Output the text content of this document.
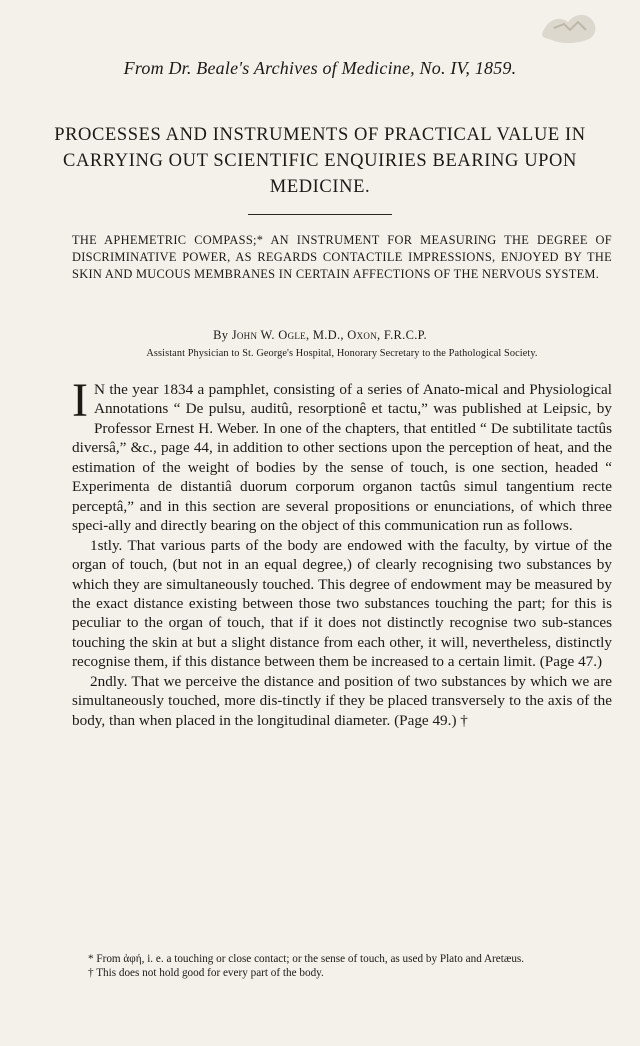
From Dr. Beale's Archives of Medicine, No. IV, 1859.
PROCESSES AND INSTRUMENTS OF PRACTICAL VALUE IN CARRYING OUT SCIENTIFIC ENQUIRIES BEARING UPON MEDICINE.
THE APHEMETRIC COMPASS;* AN INSTRUMENT FOR MEASURING THE DEGREE OF DISCRIMINATIVE POWER, AS REGARDS CONTACTILE IMPRESSIONS, ENJOYED BY THE SKIN AND MUCOUS MEMBRANES IN CERTAIN AFFECTIONS OF THE NERVOUS SYSTEM.
By John W. Ogle, M.D., Oxon, F.R.C.P.
Assistant Physician to St. George's Hospital, Honorary Secretary to the Pathological Society.

I N the year 1834 a pamphlet, consisting of a series of Anato-mical and Physiological Annotations “ De pulsu, auditû, resorptionê et tactu,” was published at Leipsic, by Professor Ernest H. Weber. In one of the chapters, that entitled “ De subtilitate tactûs diversâ,” &c., page 44, in addition to other sections upon the perception of heat, and the estimation of the weight of bodies by the sense of touch, is one section, headed “ Experimenta de distantiâ duorum corporum organon tactûs simul tangentium recte perceptâ,” and in this section are several propositions or enunciations, of which three speci-ally and directly bearing on the object of this communication run as follows.

1stly. That various parts of the body are endowed with the faculty, by virtue of the organ of touch, (but not in an equal degree,) of clearly recognising two substances by which they are simultaneously touched. This degree of endowment may be measured by the exact distance existing between those two substances touching the part; for this is peculiar to the organ of touch, that if it does not distinctly recognise two sub-stances touching the skin at but a slight distance from each other, it will, nevertheless, distinctly recognise them, if this distance between them be increased to a certain limit. (Page 47.)

2ndly. That we perceive the distance and position of two substances by which we are simultaneously touched, more dis-tinctly if they be placed transversely to the axis of the body, than when placed in the longitudinal diameter. (Page 49.) †

* From ἁφή, i. e. a touching or close contact; or the sense of touch, as used by Plato and Aretæus.

† This does not hold good for every part of the body.
